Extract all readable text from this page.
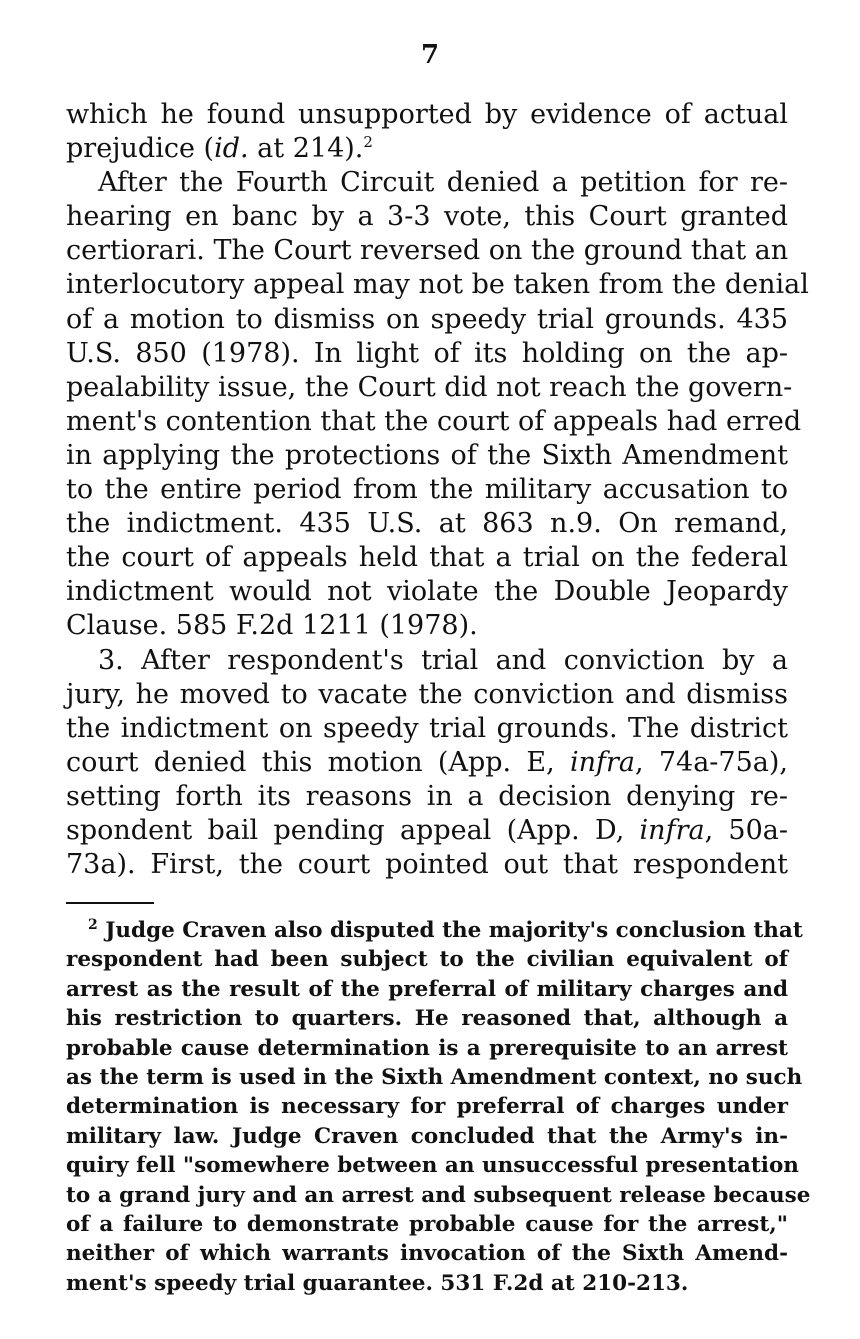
7
which he found unsupported by evidence of actual
prejudice (id. at 214).$^2$
After the Fourth Circuit denied a petition for re-
hearing en banc by a 3-3 vote, this Court granted
certiorari. The Court reversed on the ground that an
interlocutory appeal may not be taken from the denial
of a motion to dismiss on speedy trial grounds. 435
U.S. 850 (1978). In light of its holding on the ap-
pealability issue, the Court did not reach the govern-
ment's contention that the court of appeals had erred
in applying the protections of the Sixth Amendment
to the entire period from the military accusation to
the indictment. 435 U.S. at 863 n.9. On remand,
the court of appeals held that a trial on the federal
indictment would not violate the Double Jeopardy
Clause. 585 F.2d 1211 (1978).
3. After respondent's trial and conviction by a
jury, he moved to vacate the conviction and dismiss
the indictment on speedy trial grounds. The district
court denied this motion (App. E, infra, 74a-75a),
setting forth its reasons in a decision denying re-
spondent bail pending appeal (App. D, infra, 50a-
73a). First, the court pointed out that respondent
$^2$ Judge Craven also disputed the majority's conclusion that
respondent had been subject to the civilian equivalent of
arrest as the result of the preferral of military charges and
his restriction to quarters. He reasoned that, although a
probable cause determination is a prerequisite to an arrest
as the term is used in the Sixth Amendment context, no such
determination is necessary for preferral of charges under
military law. Judge Craven concluded that the Army's in-
quiry fell "somewhere between an unsuccessful presentation
to a grand jury and an arrest and subsequent release because
of a failure to demonstrate probable cause for the arrest,"
neither of which warrants invocation of the Sixth Amend-
ment's speedy trial guarantee. 531 F.2d at 210-213.
